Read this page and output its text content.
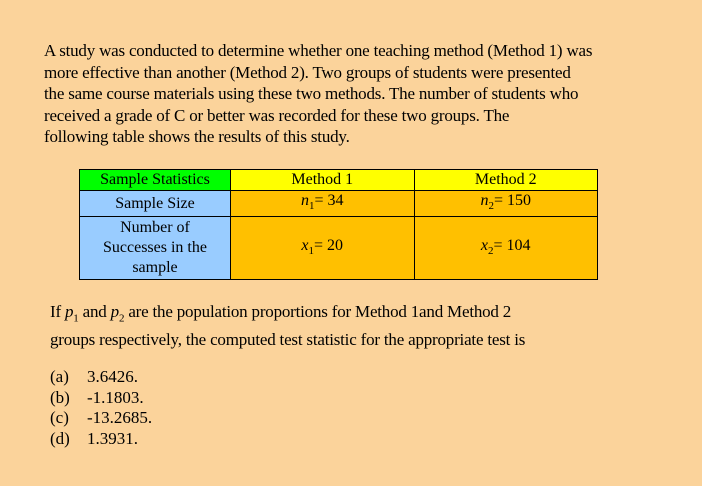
A study was conducted to determine whether one teaching method (Method 1) was
more effective than another (Method 2). Two groups of students were presented
the same course materials using these two methods. The number of students who
received a grade of C or better was recorded for these two groups. The
following table shows the results of this study.
Sample Statistics	Method 1	Method 2
Sample Size	$n_1= 34$	$n_2= 150$

Number of
Successes in the
sample	$x_1= 20$	$x_2= 104$
If $p_1$ and $p_2$ are the population proportions for Method 1and Method 2
groups respectively, the computed test statistic for the appropriate test is
(a) 3.6426.
(b) -1.1803.
(c) -13.2685.
(d) 1.3931.
